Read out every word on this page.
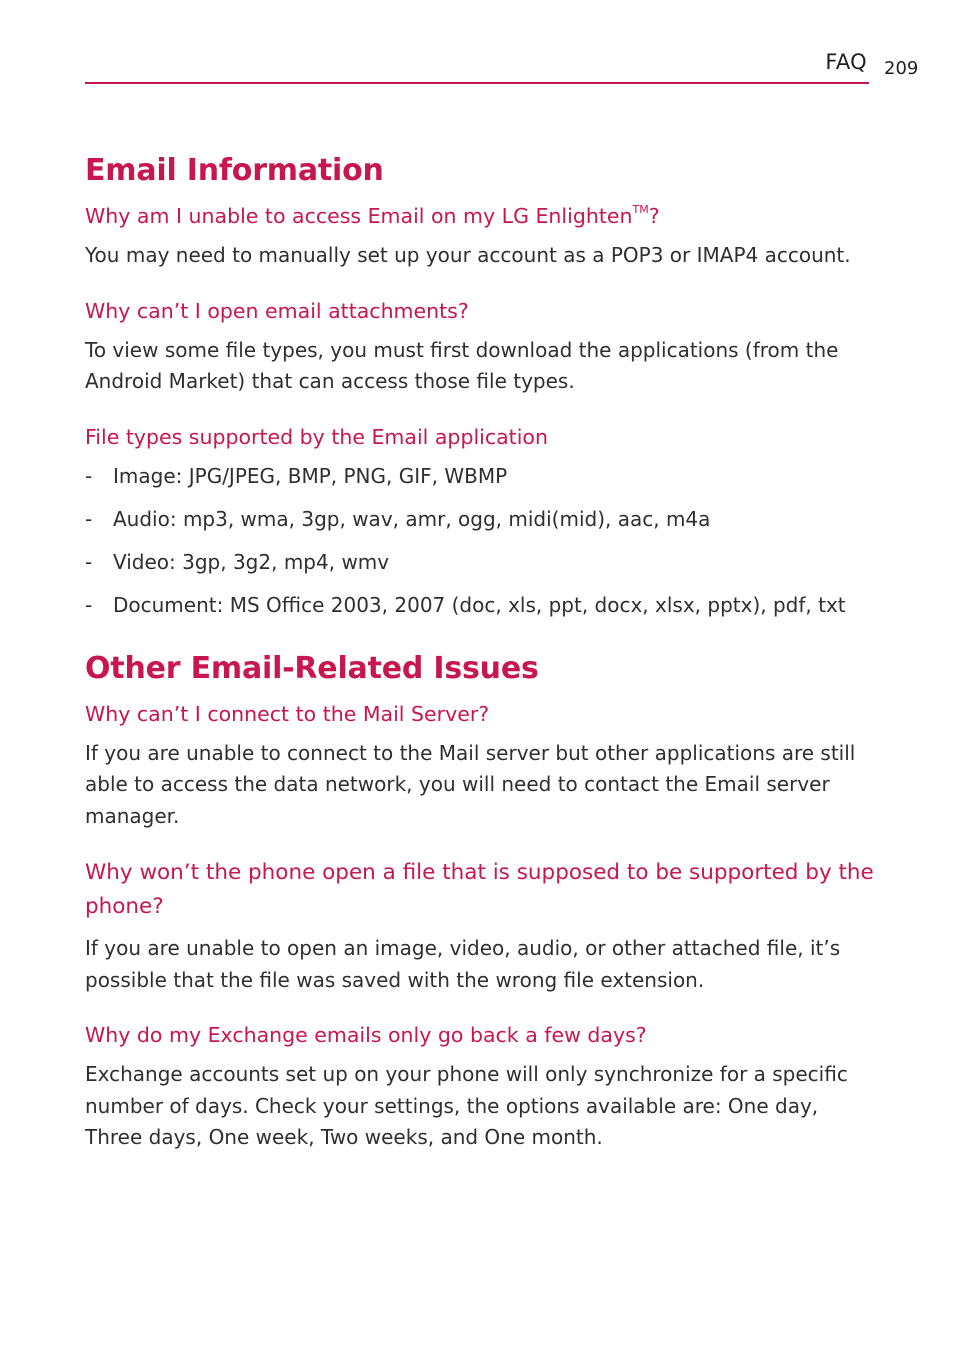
FAQ 209
Email Information
Why am I unable to access Email on my LG Enlighten™?

You may need to manually set up your account as a POP3 or IMAP4 account.

Why can’t I open email attachments?

To view some file types, you must first download the applications (from the Android Market) that can access those file types.

File types supported by the Email application
- Image: JPG/JPEG, BMP, PNG, GIF, WBMP
- Audio: mp3, wma, 3gp, wav, amr, ogg, midi(mid), aac, m4a
- Video: 3gp, 3g2, mp4, wmv
- Document: MS Office 2003, 2007 (doc, xls, ppt, docx, xlsx, pptx), pdf, txt
Other Email-Related Issues
Why can’t I connect to the Mail Server?

If you are unable to connect to the Mail server but other applications are still able to access the data network, you will need to contact the Email server manager.

Why won’t the phone open a file that is supposed to be supported by the phone?

If you are unable to open an image, video, audio, or other attached file, it’s possible that the file was saved with the wrong file extension.

Why do my Exchange emails only go back a few days?

Exchange accounts set up on your phone will only synchronize for a specific number of days. Check your settings, the options available are: One day, Three days, One week, Two weeks, and One month.
